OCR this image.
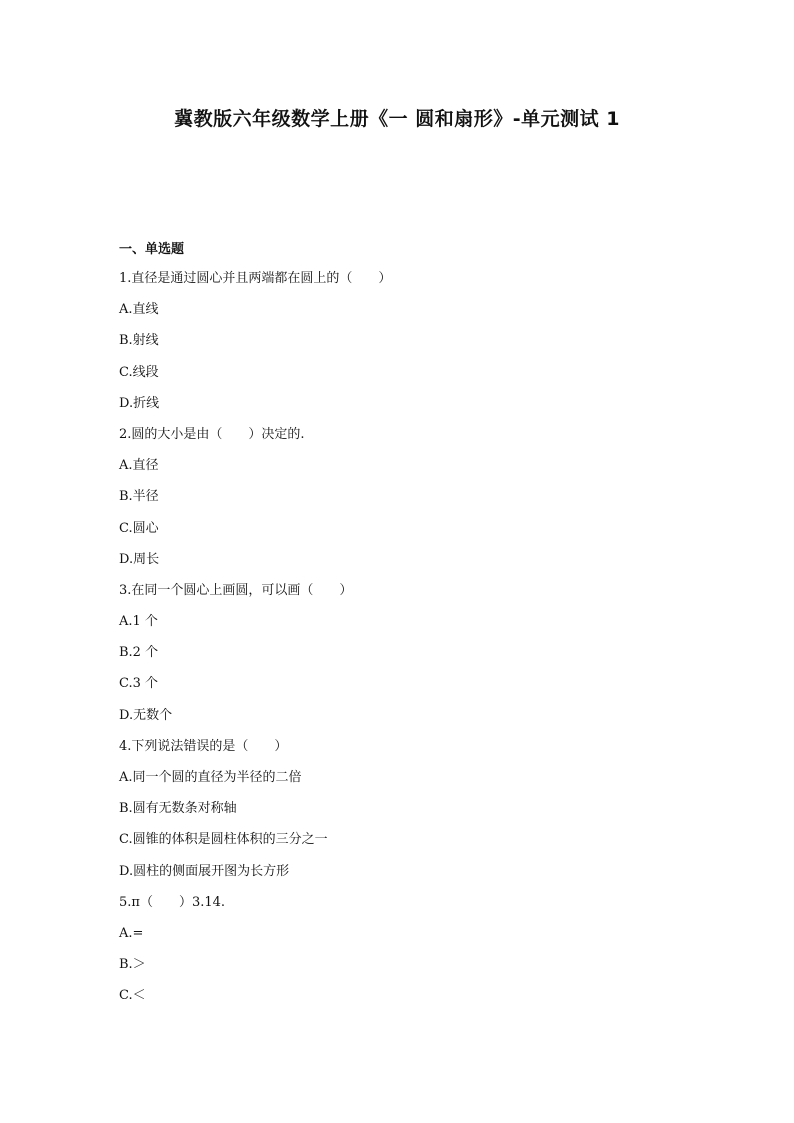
冀教版六年级数学上册《一 圆和扇形》-单元测试 1
一、单选题
1.直径是通过圆心并且两端都在圆上的（　　）
A.直线
B.射线
C.线段
D.折线
2.圆的大小是由（　　）决定的.
A.直径
B.半径
C.圆心
D.周长
3.在同一个圆心上画圆，可以画（　　）
A.1 个
B.2 个
C.3 个
D.无数个
4.下列说法错误的是（　　）
A.同一个圆的直径为半径的二倍
B.圆有无数条对称轴
C.圆锥的体积是圆柱体积的三分之一
D.圆柱的侧面展开图为长方形
5.π（　　）3.14.
A.=
B.＞
C.＜
